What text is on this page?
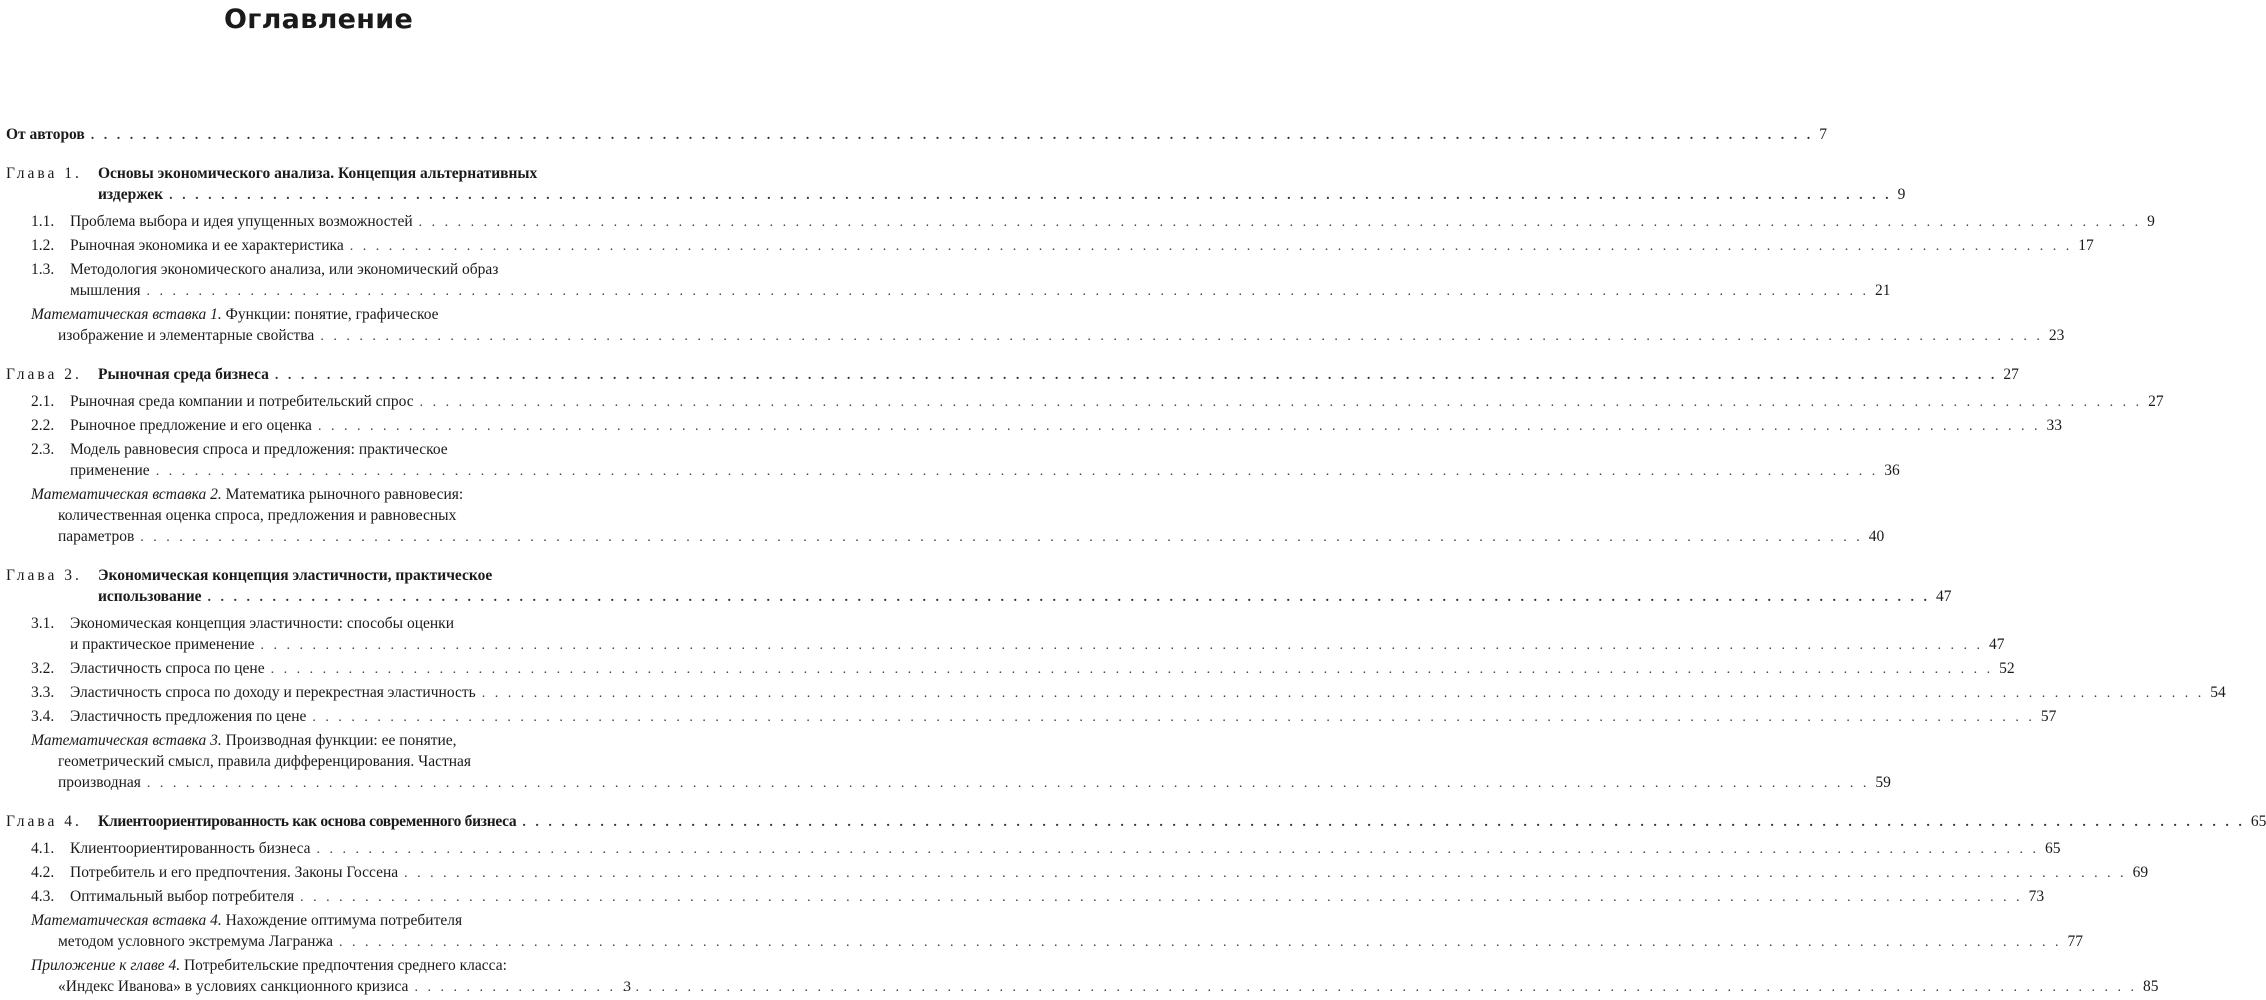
Оглавление
От авторов . . .	7
Глава 1.	Основы экономического анализа. Концепция альтернативных
издержек . . .	9
1.1.	Проблема выбора и идея упущенных возможностей . . .	9
1.2.	Рыночная экономика и ее характеристика . . .	17
1.3.	Методология экономического анализа, или экономический образ
мышления . . .	21
Математическая вставка 1. Функции: понятие, графическое
изображение и элементарные свойства . . .	23
Глава 2.	Рыночная среда бизнеса . . .	27
2.1.	Рыночная среда компании и потребительский спрос . . .	27
2.2.	Рыночное предложение и его оценка . . .	33
2.3.	Модель равновесия спроса и предложения: практическое
применение . . .	36
Математическая вставка 2. Математика рыночного равновесия:
количественная оценка спроса, предложения и равновесных
параметров . . .	40
Глава 3.	Экономическая концепция эластичности, практическое
использование . . .	47
3.1.	Экономическая концепция эластичности: способы оценки
и практическое применение . . .	47
3.2.	Эластичность спроса по цене . . .	52
3.3.	Эластичность спроса по доходу и перекрестная эластичность . . .	54
3.4.	Эластичность предложения по цене . . .	57
Математическая вставка 3. Производная функции: ее понятие,
геометрический смысл, правила дифференцирования. Частная
производная . . .	59
Глава 4.	Клиентоориентированность как основа современного бизнеса . . .	65
4.1.	Клиентоориентированность бизнеса . . .	65
4.2.	Потребитель и его предпочтения. Законы Госсена . . .	69
4.3.	Оптимальный выбор потребителя . . .	73
Математическая вставка 4. Нахождение оптимума потребителя
методом условного экстремума Лагранжа . . .	77
Приложение к главе 4. Потребительские предпочтения среднего класса:
«Индекс Иванова» в условиях санкционного кризиса . . .	85
3
